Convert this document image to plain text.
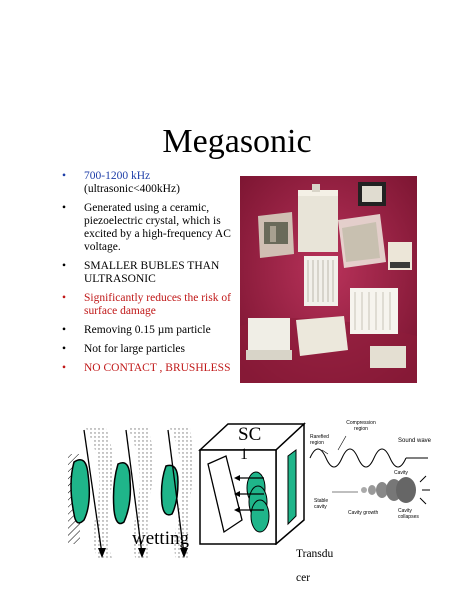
Megasonic
• 700-1200 kHz
(ultrasonic<400kHz)
• Generated using a ceramic, piezoelectric crystal, which is excited by a high-frequency AC voltage.
• SMALLER BUBLES THAN ULTRASONIC
• Significantly reduces the risk of surface damage
• Removing 0.15 µm particle
• Not for large particles
• NO CONTACT , BRUSHLESS
wetting
SC
1
Transdu
cer
Compression region
Rarefied region	Sound wave
Cavity
Stable cavity
Cavity growth	Cavity collapses
